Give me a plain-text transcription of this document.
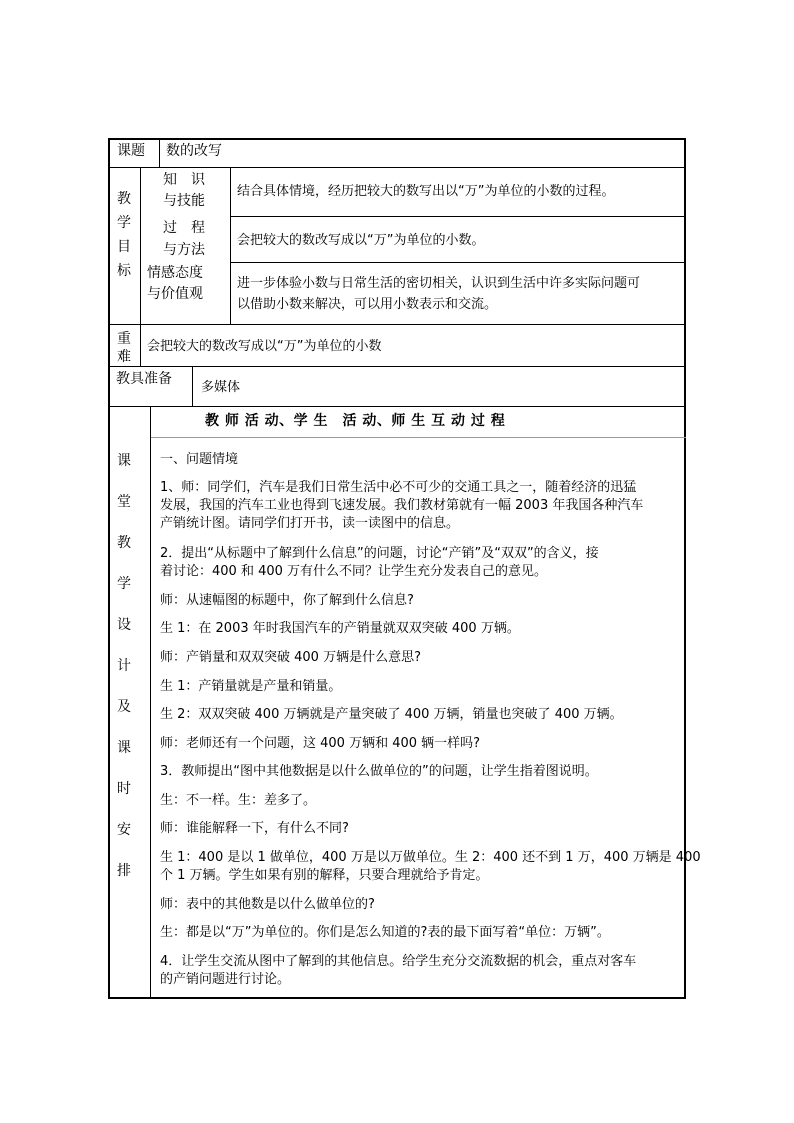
课题 数的改写
教
学
目
标
知　识
与技能
结合具体情境，经历把较大的数写出以“万”为单位的小数的过程。
过　程
与方法
会把较大的数改写成以“万”为单位的小数。
情感态度
与价值观
进一步体验小数与日常生活的密切相关，认识到生活中许多实际问题可
以借助小数来解决，可以用小数表示和交流。
重
难
会把较大的数改写成以“万”为单位的小数
教具准备
多媒体
课
堂
教
学
设
计
及
课
时
安
排
教 师 活 动、学 生　活 动、师 生 互 动 过 程
一、问题情境
1、师：同学们，汽车是我们日常生活中必不可少的交通工具之一，随着经济的迅猛
发展，我国的汽车工业也得到飞速发展。我们教材第就有一幅 2003 年我国各种汽车
产销统计图。请同学们打开书，读一读图中的信息。
2．提出“从标题中了解到什么信息”的问题，讨论“产销”及“双双”的含义，接
着讨论：400 和 400 万有什么不同？让学生充分发表自己的意见。
师：从速幅图的标题中，你了解到什么信息?
生 1：在 2003 年时我国汽车的产销量就双双突破 400 万辆。
师：产销量和双双突破 400 万辆是什么意思?
生 1：产销量就是产量和销量。
生 2：双双突破 400 万辆就是产量突破了 400 万辆，销量也突破了 400 万辆。
师：老师还有一个问题，这 400 万辆和 400 辆一样吗?
3．教师提出“图中其他数据是以什么做单位的”的问题，让学生指着图说明。
生：不一样。生：差多了。
师：谁能解释一下，有什么不同?
生 1：400 是以 1 做单位，400 万是以万做单位。生 2：400 还不到 1 万，400 万辆是 400
个 1 万辆。学生如果有别的解释，只要合理就给予肯定。
师：表中的其他数是以什么做单位的?
生：都是以“万”为单位的。你们是怎么知道的?表的最下面写着“单位：万辆”。
4．让学生交流从图中了解到的其他信息。给学生充分交流数据的机会，重点对客车
的产销问题进行讨论。
